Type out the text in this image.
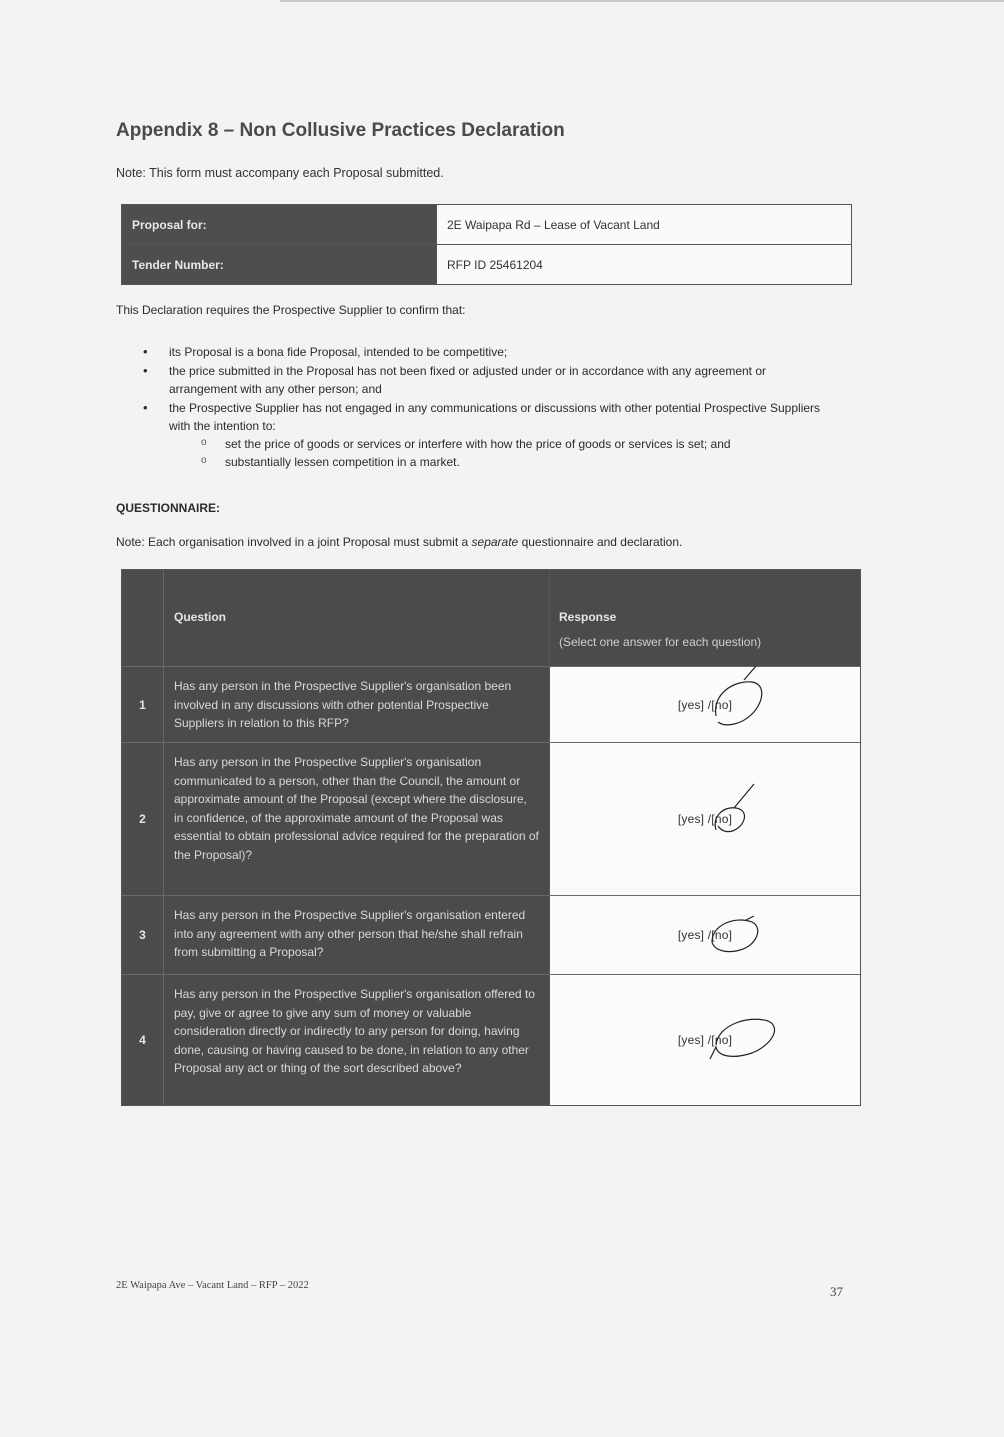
Appendix 8 – Non Collusive Practices Declaration
Note: This form must accompany each Proposal submitted.
Proposal for:	2E Waipapa Rd – Lease of Vacant Land
Tender Number:	RFP ID 25461204
This Declaration requires the Prospective Supplier to confirm that:
• its Proposal is a bona fide Proposal, intended to be competitive;
• the price submitted in the Proposal has not been fixed or adjusted under or in accordance with any agreement or arrangement with any other person; and
• the Prospective Supplier has not engaged in any communications or discussions with other potential Prospective Suppliers with the intention to:
o set the price of goods or services or interfere with how the price of goods or services is set; and
o substantially lessen competition in a market.
QUESTIONNAIRE:
Note: Each organisation involved in a joint Proposal must submit a separate questionnaire and declaration.
Question	Response
(Select one answer for each question)
1
Has any person in the Prospective Supplier's organisation been involved in any discussions with other potential Prospective Suppliers in relation to this RFP?
[yes] /[no]
2
Has any person in the Prospective Supplier's organisation communicated to a person, other than the Council, the amount or approximate amount of the Proposal (except where the disclosure, in confidence, of the approximate amount of the Proposal was essential to obtain professional advice required for the preparation of the Proposal)?
[yes] /[no]
3
Has any person in the Prospective Supplier's organisation entered into any agreement with any other person that he/she shall refrain from submitting a Proposal?
[yes] /[no]
4
Has any person in the Prospective Supplier's organisation offered to pay, give or agree to give any sum of money or valuable consideration directly or indirectly to any person for doing, having done, causing or having caused to be done, in relation to any other Proposal any act or thing of the sort described above?
[yes] /[no]
2E Waipapa Ave – Vacant Land – RFP – 2022	37
